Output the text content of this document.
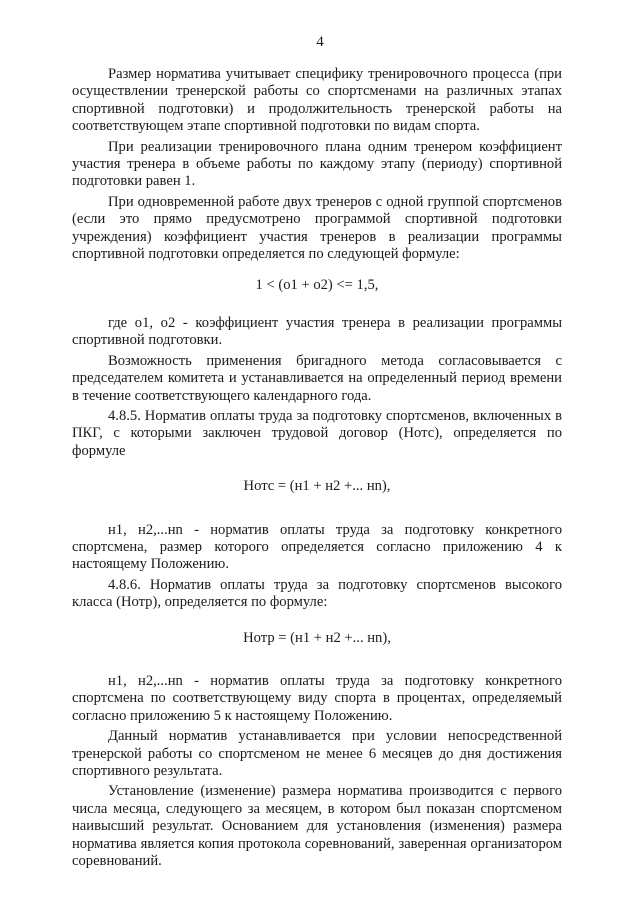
4

Размер норматива учитывает специфику тренировочного процесса (при осуществлении тренерской работы со спортсменами на различных этапах спортивной подготовки) и продолжительность тренерской работы на соответствующем этапе спортивной подготовки по видам спорта.

При реализации тренировочного плана одним тренером коэффициент участия тренера в объеме работы по каждому этапу (периоду) спортивной подготовки равен 1.

При одновременной работе двух тренеров с одной группой спортсменов (если это прямо предусмотрено программой спортивной подготовки учреждения) коэффициент участия тренеров в реализации программы спортивной подготовки определяется по следующей формуле:

1 < (о1 + о2) <= 1,5,

где о1, о2 - коэффициент участия тренера в реализации программы спортивной подготовки.

Возможность применения бригадного метода согласовывается с председателем комитета и устанавливается на определенный период времени в течение соответствующего календарного года.

4.8.5. Норматив оплаты труда за подготовку спортсменов, включенных в ПКГ, с которыми заключен трудовой договор (Нотс), определяется по формуле

Нотс = (н1 + н2 +... нn),

н1, н2,...нn - норматив оплаты труда за подготовку конкретного спортсмена, размер которого определяется согласно приложению 4 к настоящему Положению.

4.8.6. Норматив оплаты труда за подготовку спортсменов высокого класса (Нотр), определяется по формуле:

Нотр = (н1 + н2 +... нn),

н1, н2,...нn - норматив оплаты труда за подготовку конкретного спортсмена по соответствующему виду спорта в процентах, определяемый согласно приложению 5 к настоящему Положению.

Данный норматив устанавливается при условии непосредственной тренерской работы со спортсменом не менее 6 месяцев до дня достижения спортивного результата.

Установление (изменение) размера норматива производится с первого числа месяца, следующего за месяцем, в котором был показан спортсменом наивысший результат. Основанием для установления (изменения) размера норматива является копия протокола соревнований, заверенная организатором соревнований.
